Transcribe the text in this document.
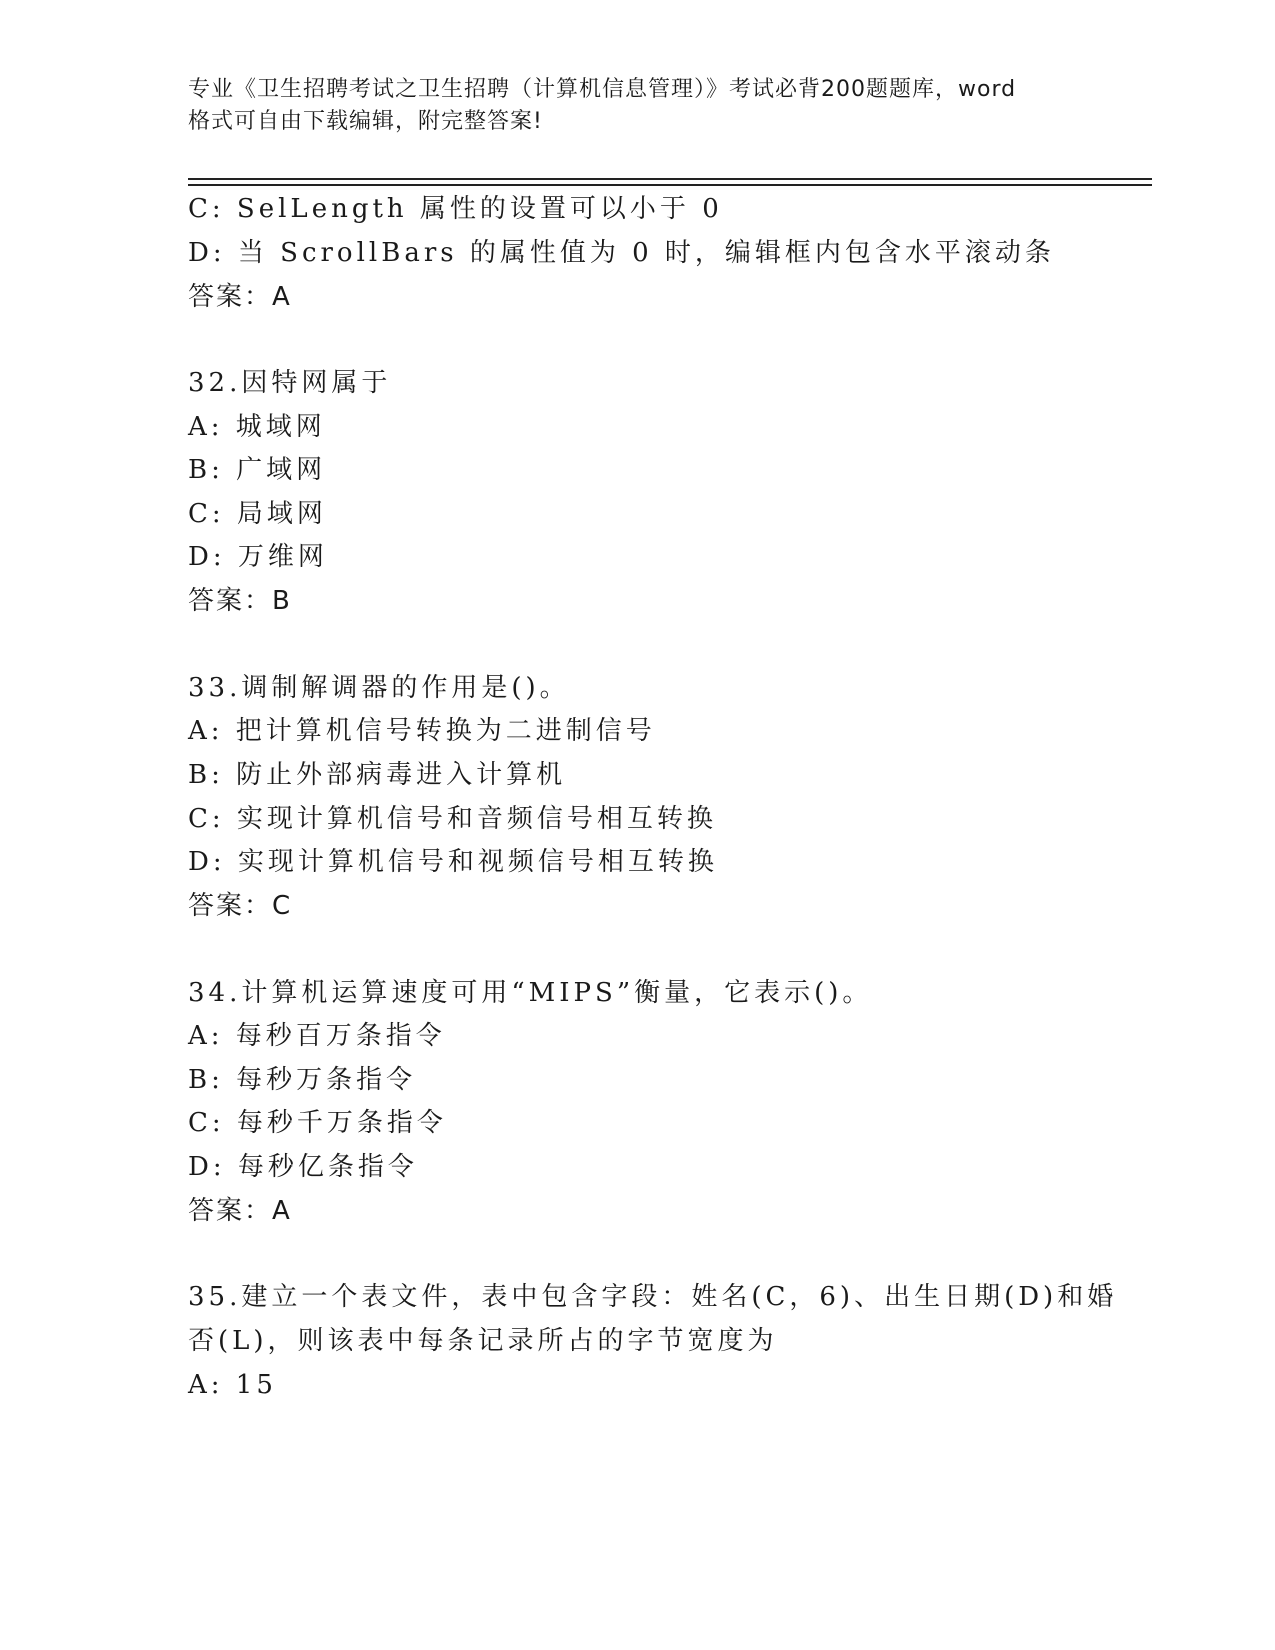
专业《卫生招聘考试之卫生招聘（计算机信息管理）》考试必背200题题库，word

格式可自由下载编辑，附完整答案!

C: SelLength 属性的设置可以小于 0
D: 当 ScrollBars 的属性值为 0 时，编辑框内包含水平滚动条
答案：A
32.因特网属于
A: 城域网
B: 广域网
C: 局域网
D: 万维网
答案：B
33.调制解调器的作用是()。
A: 把计算机信号转换为二进制信号
B: 防止外部病毒进入计算机
C: 实现计算机信号和音频信号相互转换
D: 实现计算机信号和视频信号相互转换
答案：C
34.计算机运算速度可用“MIPS”衡量，它表示()。
A: 每秒百万条指令
B: 每秒万条指令
C: 每秒千万条指令
D: 每秒亿条指令
答案：A
35.建立一个表文件，表中包含字段：姓名(C，6)、出生日期(D)和婚
否(L)，则该表中每条记录所占的字节宽度为
A: 15
